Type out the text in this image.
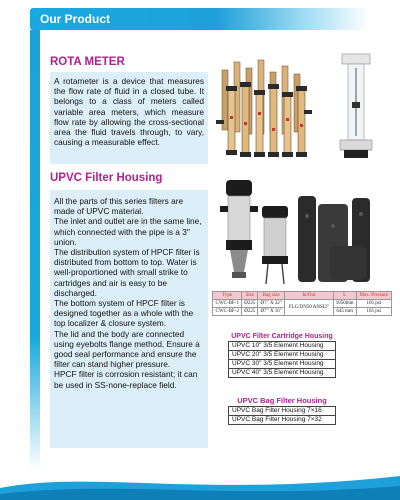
Our Product
ROTA METER

A rotameter is a device that measures the flow rate of fluid in a closed tube. It belongs to a class of meters called variable area meters, which measure flow rate by allowing the cross-sectional area the fluid travels through, to vary, causing a measurable effect.

UPVC Filter Housing

All the parts of this series filters are made of UPVC material.

The inlet and outlet are in the same line, which connected with the pipe is a 3" union.

The distribution system of HPCF filter is distributed from bottom to top. Water is well-proportioned with small strike to cartridges and air is easy to be discharged.

The bottom system of HPCF filter is designed together as a whole with the top localizer & closure system.

The lid and the body are connected using eyebolts flange method, Ensure a good seal performance and ensure the filter can stand higher pressure.

HPCF filter is corrosion resistant; it can be used in SS-none-replace field.

Type	Size	Bag size	In/Out	L	Max. Pressure
CWC-BF-1	Ø225	Ø7" X 32"	FLG/DN50 ANSI2"	1050mm	105 psi
CWC-BF-2	Ø225	Ø7" X 16"		645 mm	105 psi
UPVC Filter Cartridge Housing
UPVC 10" 3/5 Element Housing
UPVC 20" 3/5 Element Housing
UPVC 30" 3/5 Element Housing
UPVC 40" 3/5 Element Housing
UPVC Bag Filter Housing
UPVC Bag Filter Housing 7×16
UPVC Bag Filter Housing 7×32
